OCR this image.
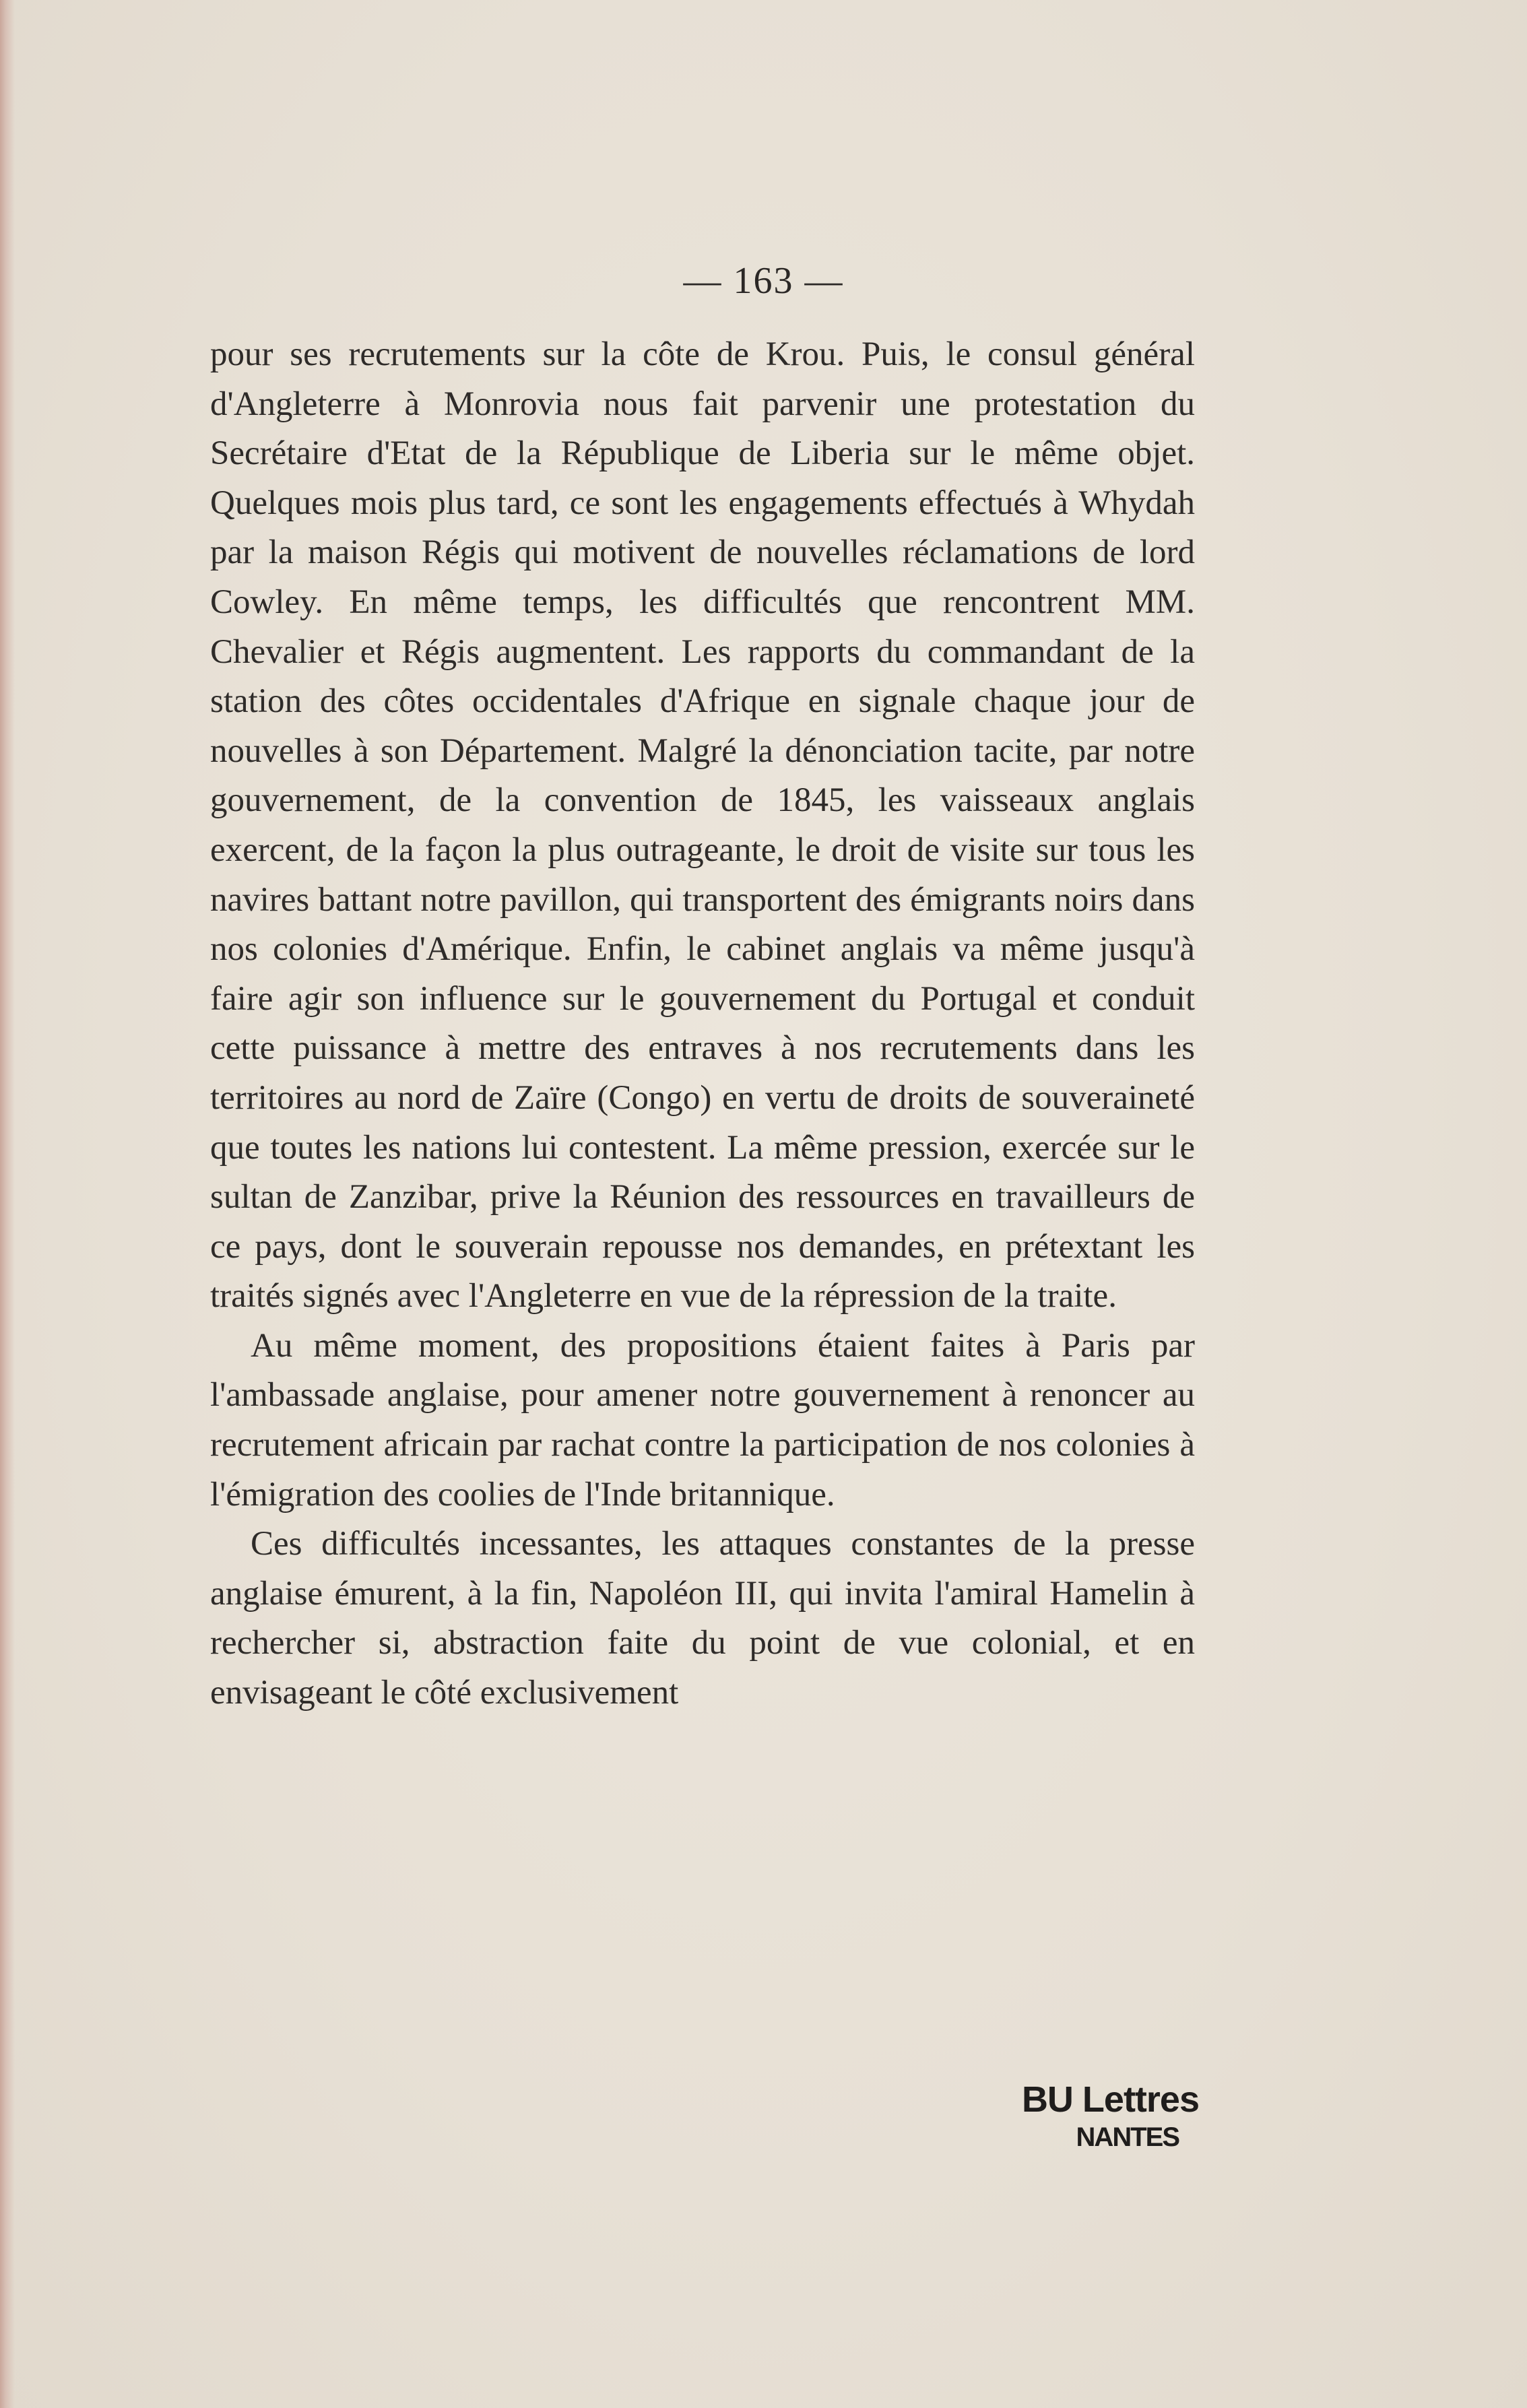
— 163 —

pour ses recrutements sur la côte de Krou. Puis, le consul général d'Angleterre à Monrovia nous fait parvenir une protestation du Secrétaire d'Etat de la République de Liberia sur le même objet. Quelques mois plus tard, ce sont les engagements effectués à Whydah par la maison Régis qui motivent de nouvelles réclamations de lord Cowley. En même temps, les difficultés que rencontrent MM. Chevalier et Régis augmentent. Les rapports du commandant de la station des côtes occidentales d'Afrique en signale chaque jour de nouvelles à son Département. Malgré la dénonciation tacite, par notre gouvernement, de la convention de 1845, les vaisseaux anglais exercent, de la façon la plus outrageante, le droit de visite sur tous les navires battant notre pavillon, qui transportent des émigrants noirs dans nos colonies d'Amérique. Enfin, le cabinet anglais va même jusqu'à faire agir son influence sur le gouvernement du Portugal et conduit cette puissance à mettre des entraves à nos recrutements dans les territoires au nord de Zaïre (Congo) en vertu de droits de souveraineté que toutes les nations lui contestent. La même pression, exercée sur le sultan de Zanzibar, prive la Réunion des ressources en travailleurs de ce pays, dont le souverain repousse nos demandes, en prétextant les traités signés avec l'Angleterre en vue de la répression de la traite.

Au même moment, des propositions étaient faites à Paris par l'ambassade anglaise, pour amener notre gouvernement à renoncer au recrutement africain par rachat contre la participation de nos colonies à l'émigration des coolies de l'Inde britannique.

Ces difficultés incessantes, les attaques constantes de la presse anglaise émurent, à la fin, Napoléon III, qui invita l'amiral Hamelin à rechercher si, abstraction faite du point de vue colonial, et en envisageant le côté exclusivement

BU Lettres
NANTES
